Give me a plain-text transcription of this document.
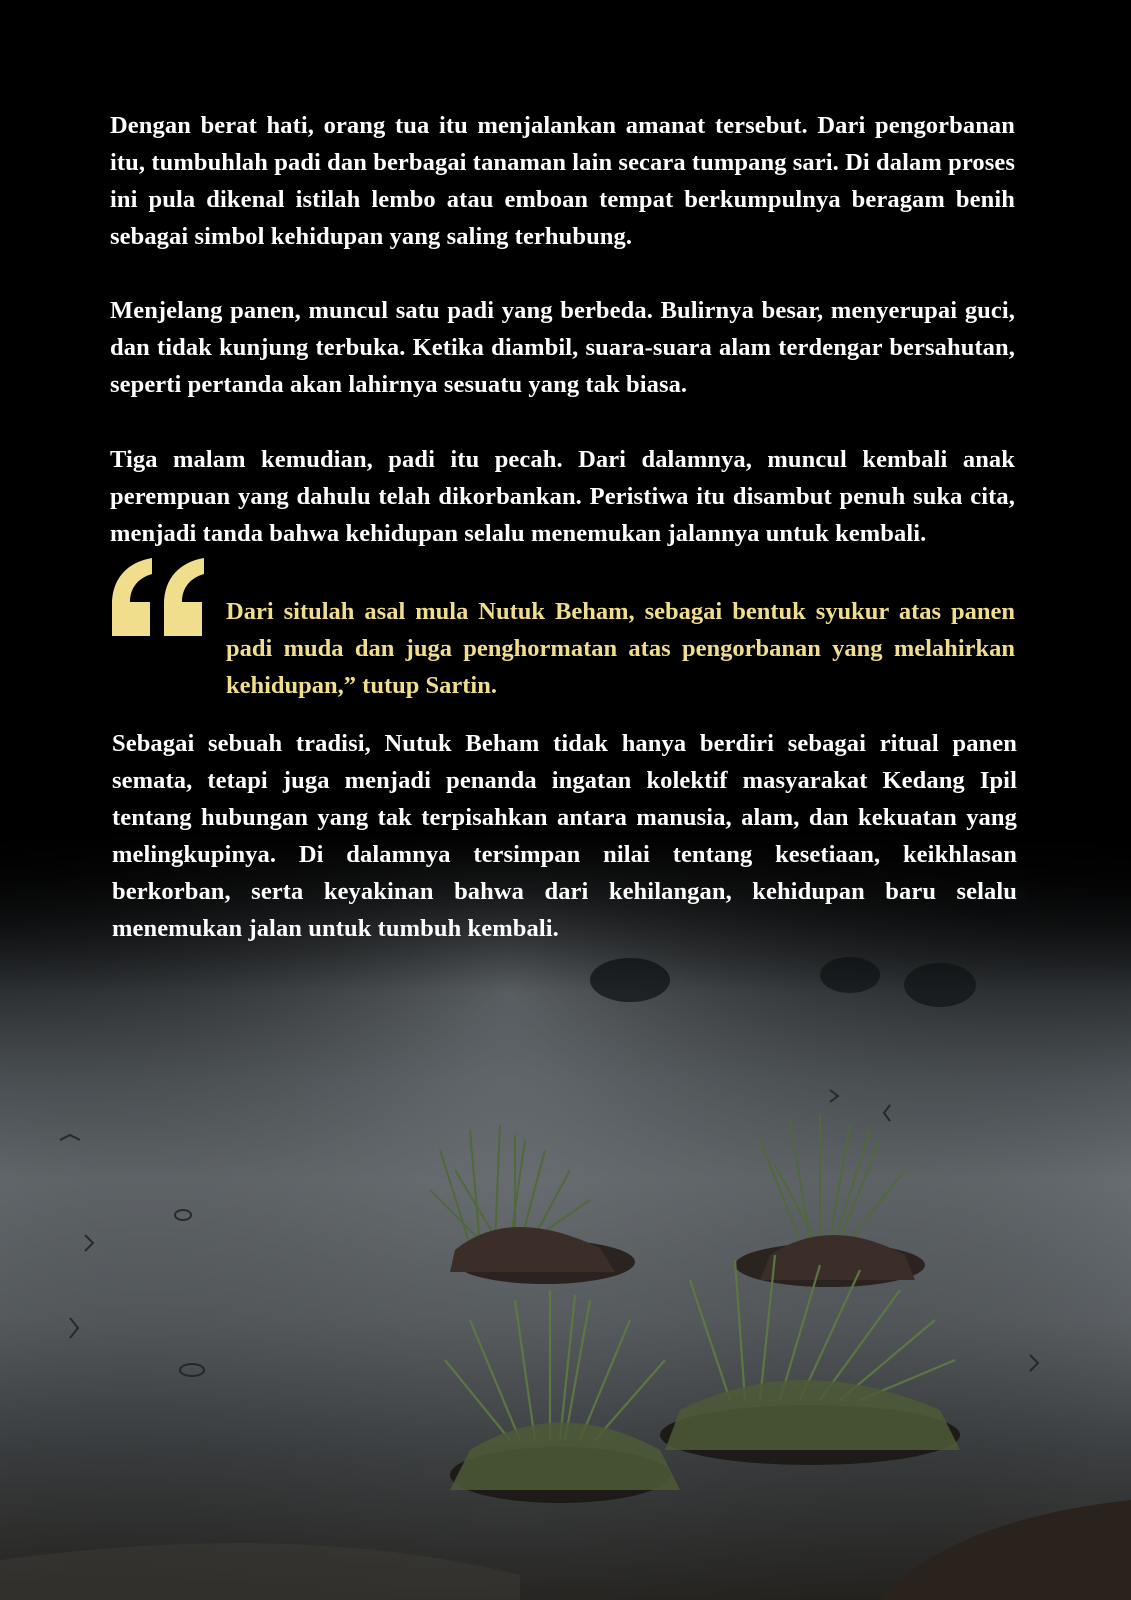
Dengan berat hati, orang tua itu menjalankan amanat tersebut. Dari pengorbanan itu, tumbuhlah padi dan berbagai tanaman lain secara tumpang sari. Di dalam proses ini pula dikenal istilah lembo atau emboan tempat berkumpulnya beragam benih sebagai simbol kehidupan yang saling terhubung.

Menjelang panen, muncul satu padi yang berbeda. Bulirnya besar, menyerupai guci, dan tidak kunjung terbuka. Ketika diambil, suara-suara alam terdengar bersahutan, seperti pertanda akan lahirnya sesuatu yang tak biasa.

Tiga malam kemudian, padi itu pecah. Dari dalamnya, muncul kembali anak perempuan yang dahulu telah dikorbankan. Peristiwa itu disambut penuh suka cita, menjadi tanda bahwa kehidupan selalu menemukan jalannya untuk kembali.

Dari situlah asal mula Nutuk Beham, sebagai bentuk syukur atas panen padi muda dan juga penghormatan atas pengorbanan yang melahirkan kehidupan,” tutup Sartin.

Sebagai sebuah tradisi, Nutuk Beham tidak hanya berdiri sebagai ritual panen semata, tetapi juga menjadi penanda ingatan kolektif masyarakat Kedang Ipil tentang hubungan yang tak terpisahkan antara manusia, alam, dan kekuatan yang melingkupinya. Di dalamnya tersimpan nilai tentang kesetiaan, keikhlasan berkorban, serta keyakinan bahwa dari kehilangan, kehidupan baru selalu menemukan jalan untuk tumbuh kembali.
